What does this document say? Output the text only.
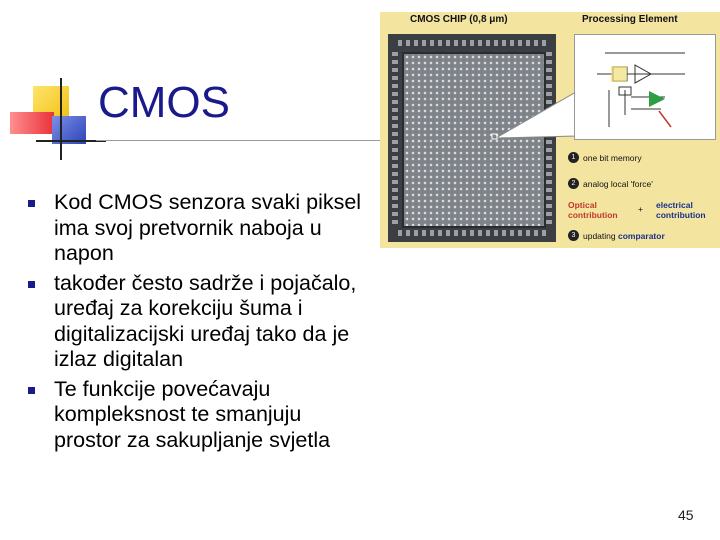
CMOS
Kod CMOS senzora svaki piksel ima svoj pretvornik naboja u napon
također često sadrže i pojačalo, uređaj za korekciju šuma i digitalizacijski uređaj tako da je izlaz digitalan
Te funkcije povećavaju kompleksnost te smanjuju prostor za sakupljanje svjetla
CMOS CHIP (0,8 μm)	Processing Element
1 one bit memory
2 analog local 'force'
Optical contribution
+ electrical contribution
3 updating comparator
45
